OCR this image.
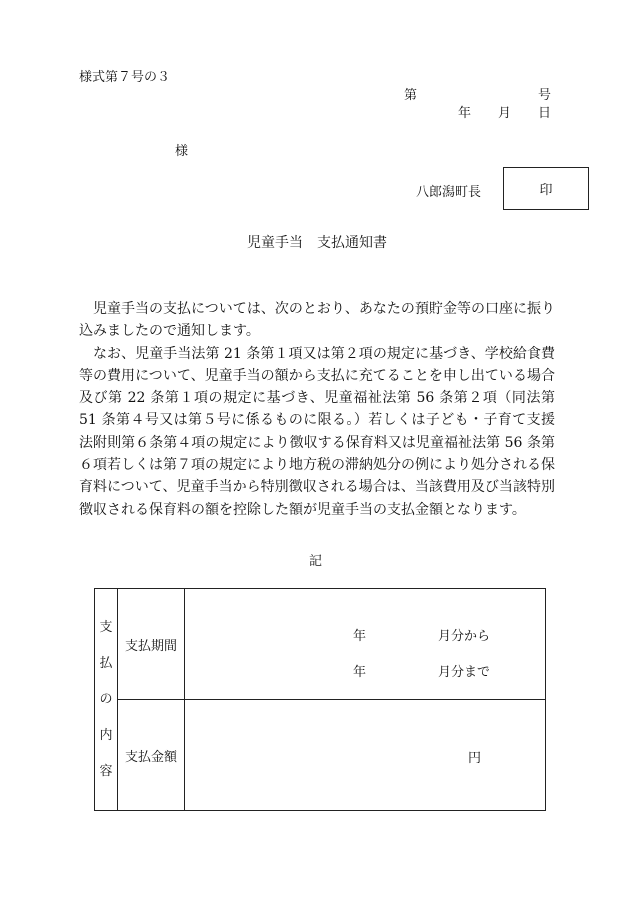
様式第７号の３
第	号
年 月 日
様
八郎潟町長	印
児童手当　支払通知書

児童手当の支払については、次のとおり、あなたの預貯金等の口座に振り込みましたので通知します。

なお、児童手当法第 21 条第１項又は第２項の規定に基づき、学校給食費等の費用について、児童手当の額から支払に充てることを申し出ている場合及び第 22 条第１項の規定に基づき、児童福祉法第 56 条第２項（同法第 51 条第４号又は第５号に係るものに限る。）若しくは子ども・子育て支援法附則第６条第４項の規定により徴収する保育料又は児童福祉法第 56 条第６項若しくは第７項の規定により地方税の滞納処分の例により処分される保育料について、児童手当から特別徴収される場合は、当該費用及び当該特別徴収される保育料の額を控除した額が児童手当の支払金額となります。

記
支
払
の
内
容	支払期間	年 月分から
年 月分まで

	支払金額	円
